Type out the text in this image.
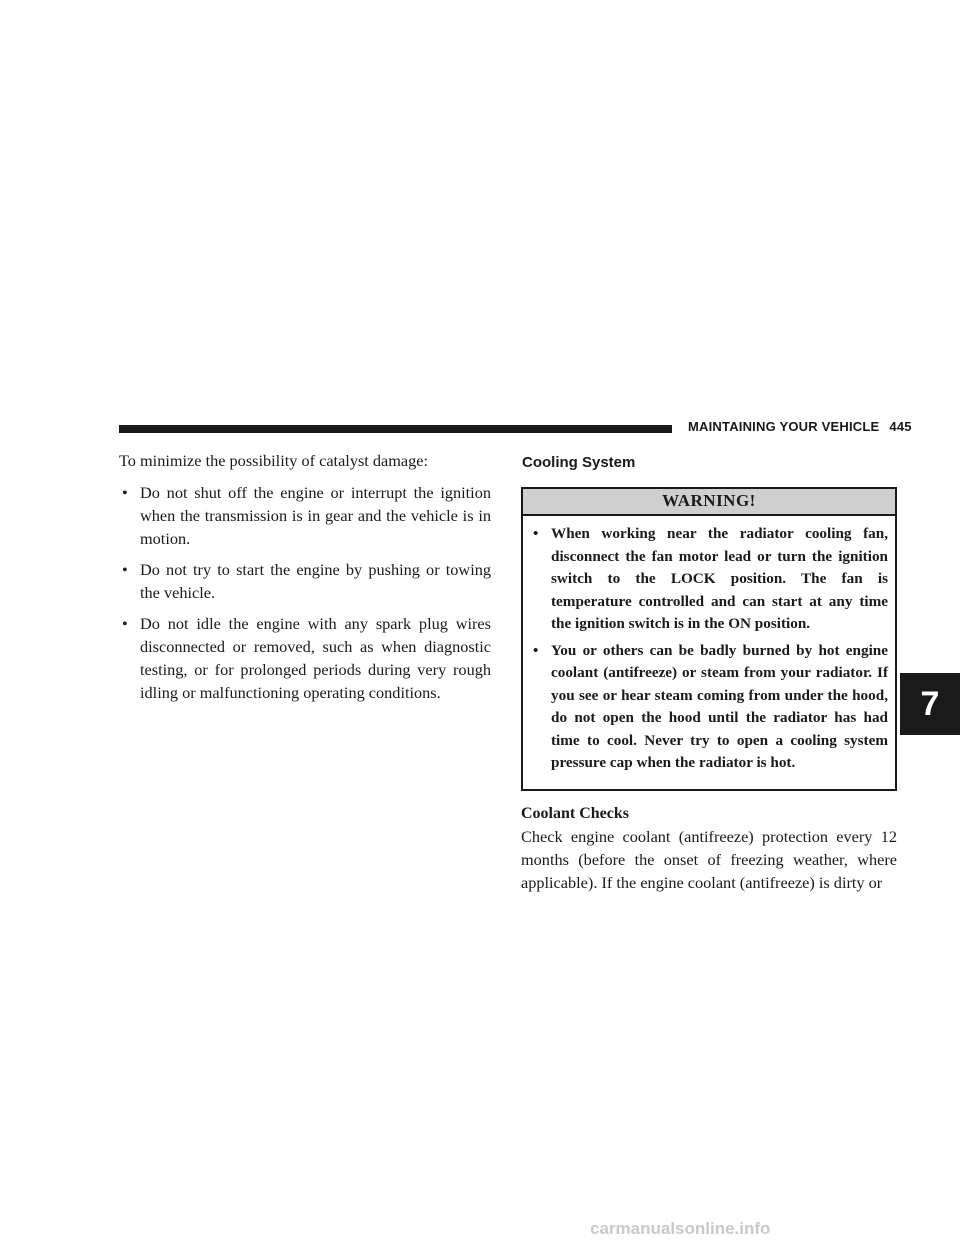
MAINTAINING YOUR VEHICLE 445

To minimize the possibility of catalyst damage:

• Do not shut off the engine or interrupt the ignition when the transmission is in gear and the vehicle is in motion.
• Do not try to start the engine by pushing or towing the vehicle.
• Do not idle the engine with any spark plug wires disconnected or removed, such as when diagnostic testing, or for prolonged periods during very rough idling or malfunctioning operating conditions.
Cooling System
WARNING!
• When working near the radiator cooling fan, disconnect the fan motor lead or turn the ignition switch to the LOCK position. The fan is temperature controlled and can start at any time the ignition switch is in the ON position.
• You or others can be badly burned by hot engine coolant (antifreeze) or steam from your radiator. If you see or hear steam coming from under the hood, do not open the hood until the radiator has had time to cool. Never try to open a cooling system pressure cap when the radiator is hot.
Coolant Checks

Check engine coolant (antifreeze) protection every 12 months (before the onset of freezing weather, where applicable). If the engine coolant (antifreeze) is dirty or

7
carmanualsonline.info
